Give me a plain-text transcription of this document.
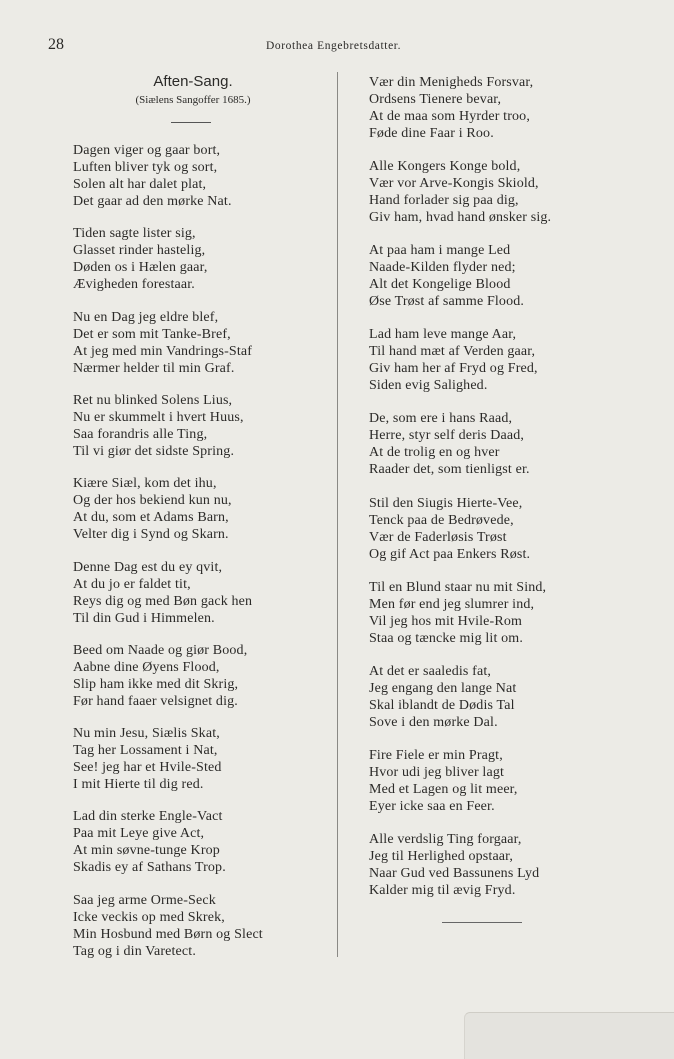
28	Dorothea Engebretsdatter.
Aften-Sang.
(Siælens Sangoffer 1685.)
Dagen viger og gaar bort,
Luften bliver tyk og sort,
Solen alt har dalet plat,
Det gaar ad den mørke Nat.
Tiden sagte lister sig,
Glasset rinder hastelig,
Døden os i Hælen gaar,
Ævigheden forestaar.
Nu en Dag jeg eldre blef,
Det er som mit Tanke-Bref,
At jeg med min Vandrings-Staf
Nærmer helder til min Graf.
Ret nu blinked Solens Lius,
Nu er skummelt i hvert Huus,
Saa forandris alle Ting,
Til vi giør det sidste Spring.
Kiære Siæl, kom det ihu,
Og der hos bekiend kun nu,
At du, som et Adams Barn,
Velter dig i Synd og Skarn.
Denne Dag est du ey qvit,
At du jo er faldet tit,
Reys dig og med Bøn gack hen
Til din Gud i Himmelen.
Beed om Naade og giør Bood,
Aabne dine Øyens Flood,
Slip ham ikke med dit Skrig,
Før hand faaer velsignet dig.
Nu min Jesu, Siælis Skat,
Tag her Lossament i Nat,
See! jeg har et Hvile-Sted
I mit Hierte til dig red.
Lad din sterke Engle-Vact
Paa mit Leye give Act,
At min søvne-tunge Krop
Skadis ey af Sathans Trop.
Saa jeg arme Orme-Seck
Icke veckis op med Skrek,
Min Hosbund med Børn og Slect
Tag og i din Varetect.
Vær din Menigheds Forsvar,
Ordsens Tienere bevar,
At de maa som Hyrder troo,
Føde dine Faar i Roo.
Alle Kongers Konge bold,
Vær vor Arve-Kongis Skiold,
Hand forlader sig paa dig,
Giv ham, hvad hand ønsker sig.
At paa ham i mange Led
Naade-Kilden flyder ned;
Alt det Kongelige Blood
Øse Trøst af samme Flood.
Lad ham leve mange Aar,
Til hand mæt af Verden gaar,
Giv ham her af Fryd og Fred,
Siden evig Salighed.
De, som ere i hans Raad,
Herre, styr self deris Daad,
At de trolig en og hver
Raader det, som tienligst er.
Stil den Siugis Hierte-Vee,
Tenck paa de Bedrøvede,
Vær de Faderløsis Trøst
Og gif Act paa Enkers Røst.
Til en Blund staar nu mit Sind,
Men før end jeg slumrer ind,
Vil jeg hos mit Hvile-Rom
Staa og tæncke mig lit om.
At det er saaledis fat,
Jeg engang den lange Nat
Skal iblandt de Dødis Tal
Sove i den mørke Dal.
Fire Fiele er min Pragt,
Hvor udi jeg bliver lagt
Med et Lagen og lit meer,
Eyer icke saa en Feer.
Alle verdslig Ting forgaar,
Jeg til Herlighed opstaar,
Naar Gud ved Bassunens Lyd
Kalder mig til ævig Fryd.
